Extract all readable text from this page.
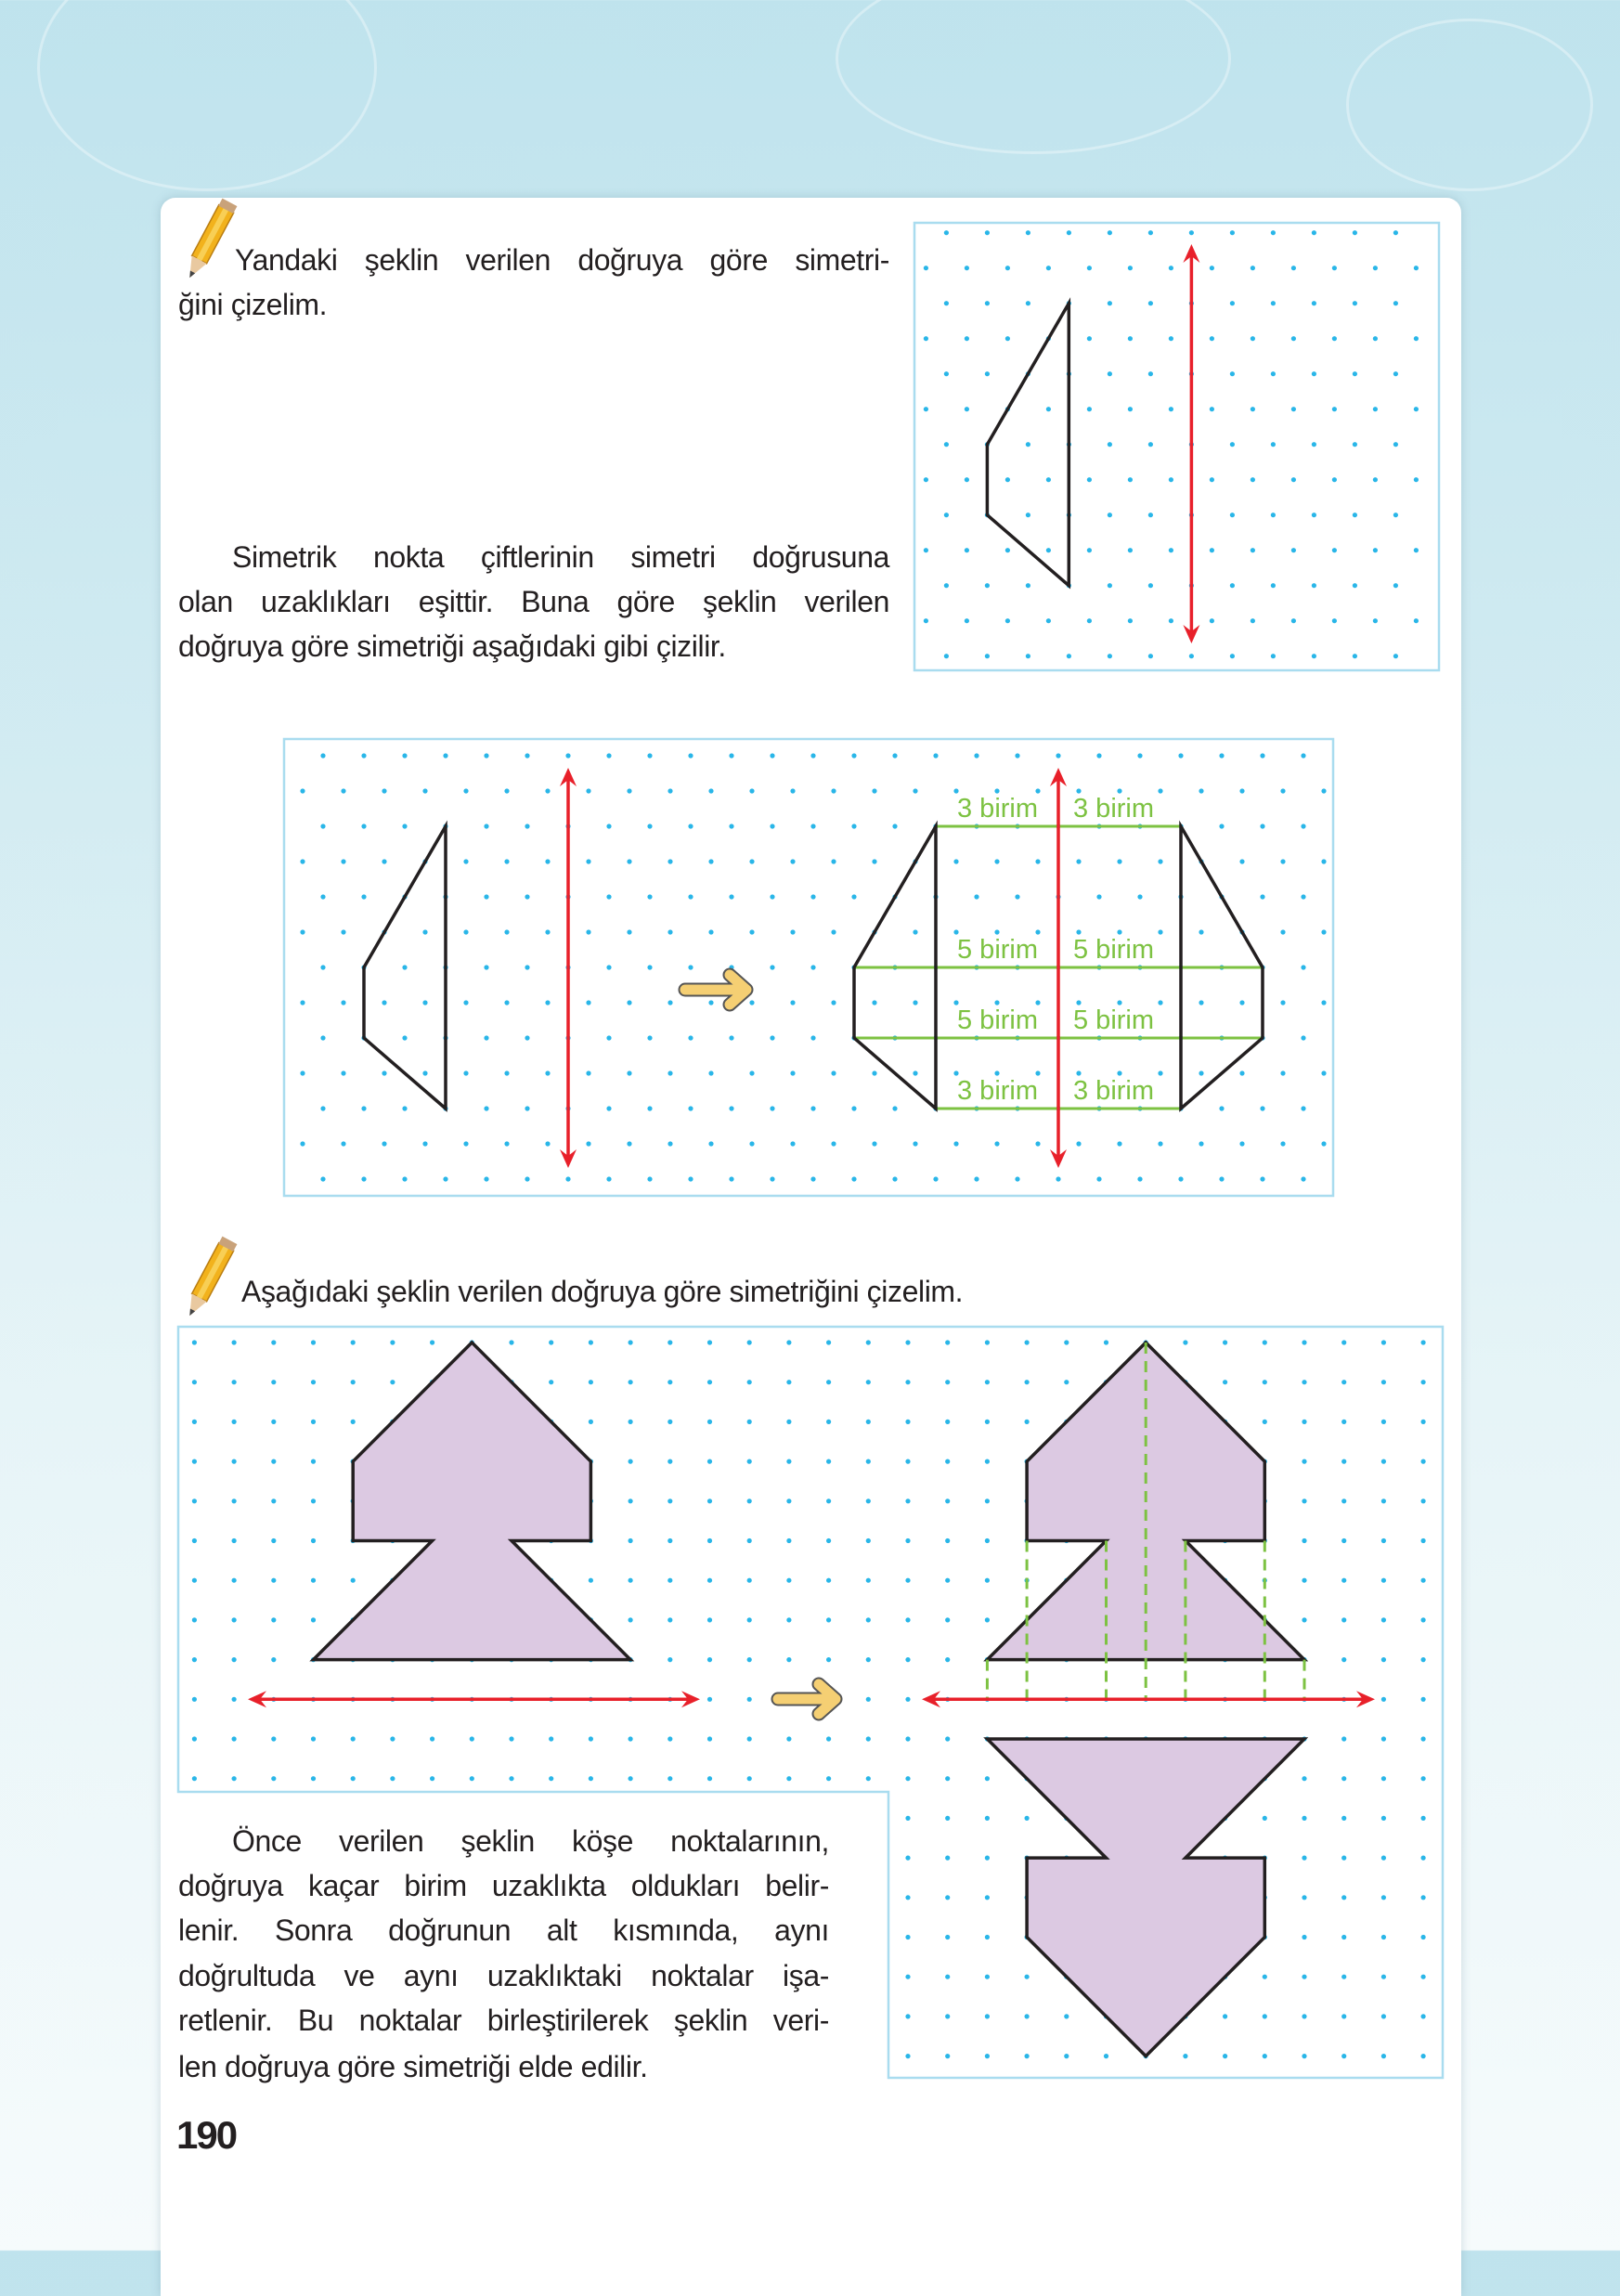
Yandaki şeklin verilen doğruya göre simetri-
ğini çizelim.
Simetrik nokta çiftlerinin simetri doğrusuna
olan uzaklıkları eşittir. Buna göre şeklin verilen
doğruya göre simetriği aşağıdaki gibi çizilir.
Aşağıdaki şeklin verilen doğruya göre simetriğini çizelim.
Önce verilen şeklin köşe noktalarının,
doğruya kaçar birim uzaklıkta oldukları belir-
lenir. Sonra doğrunun alt kısmında, aynı
doğrultuda ve aynı uzaklıktaki noktalar işa-
retlenir. Bu noktalar birleştirilerek şeklin veri-
len doğruya göre simetriği elde edilir.
190
3 birim 3 birim
5 birim 5 birim
5 birim 5 birim
3 birim 3 birim
